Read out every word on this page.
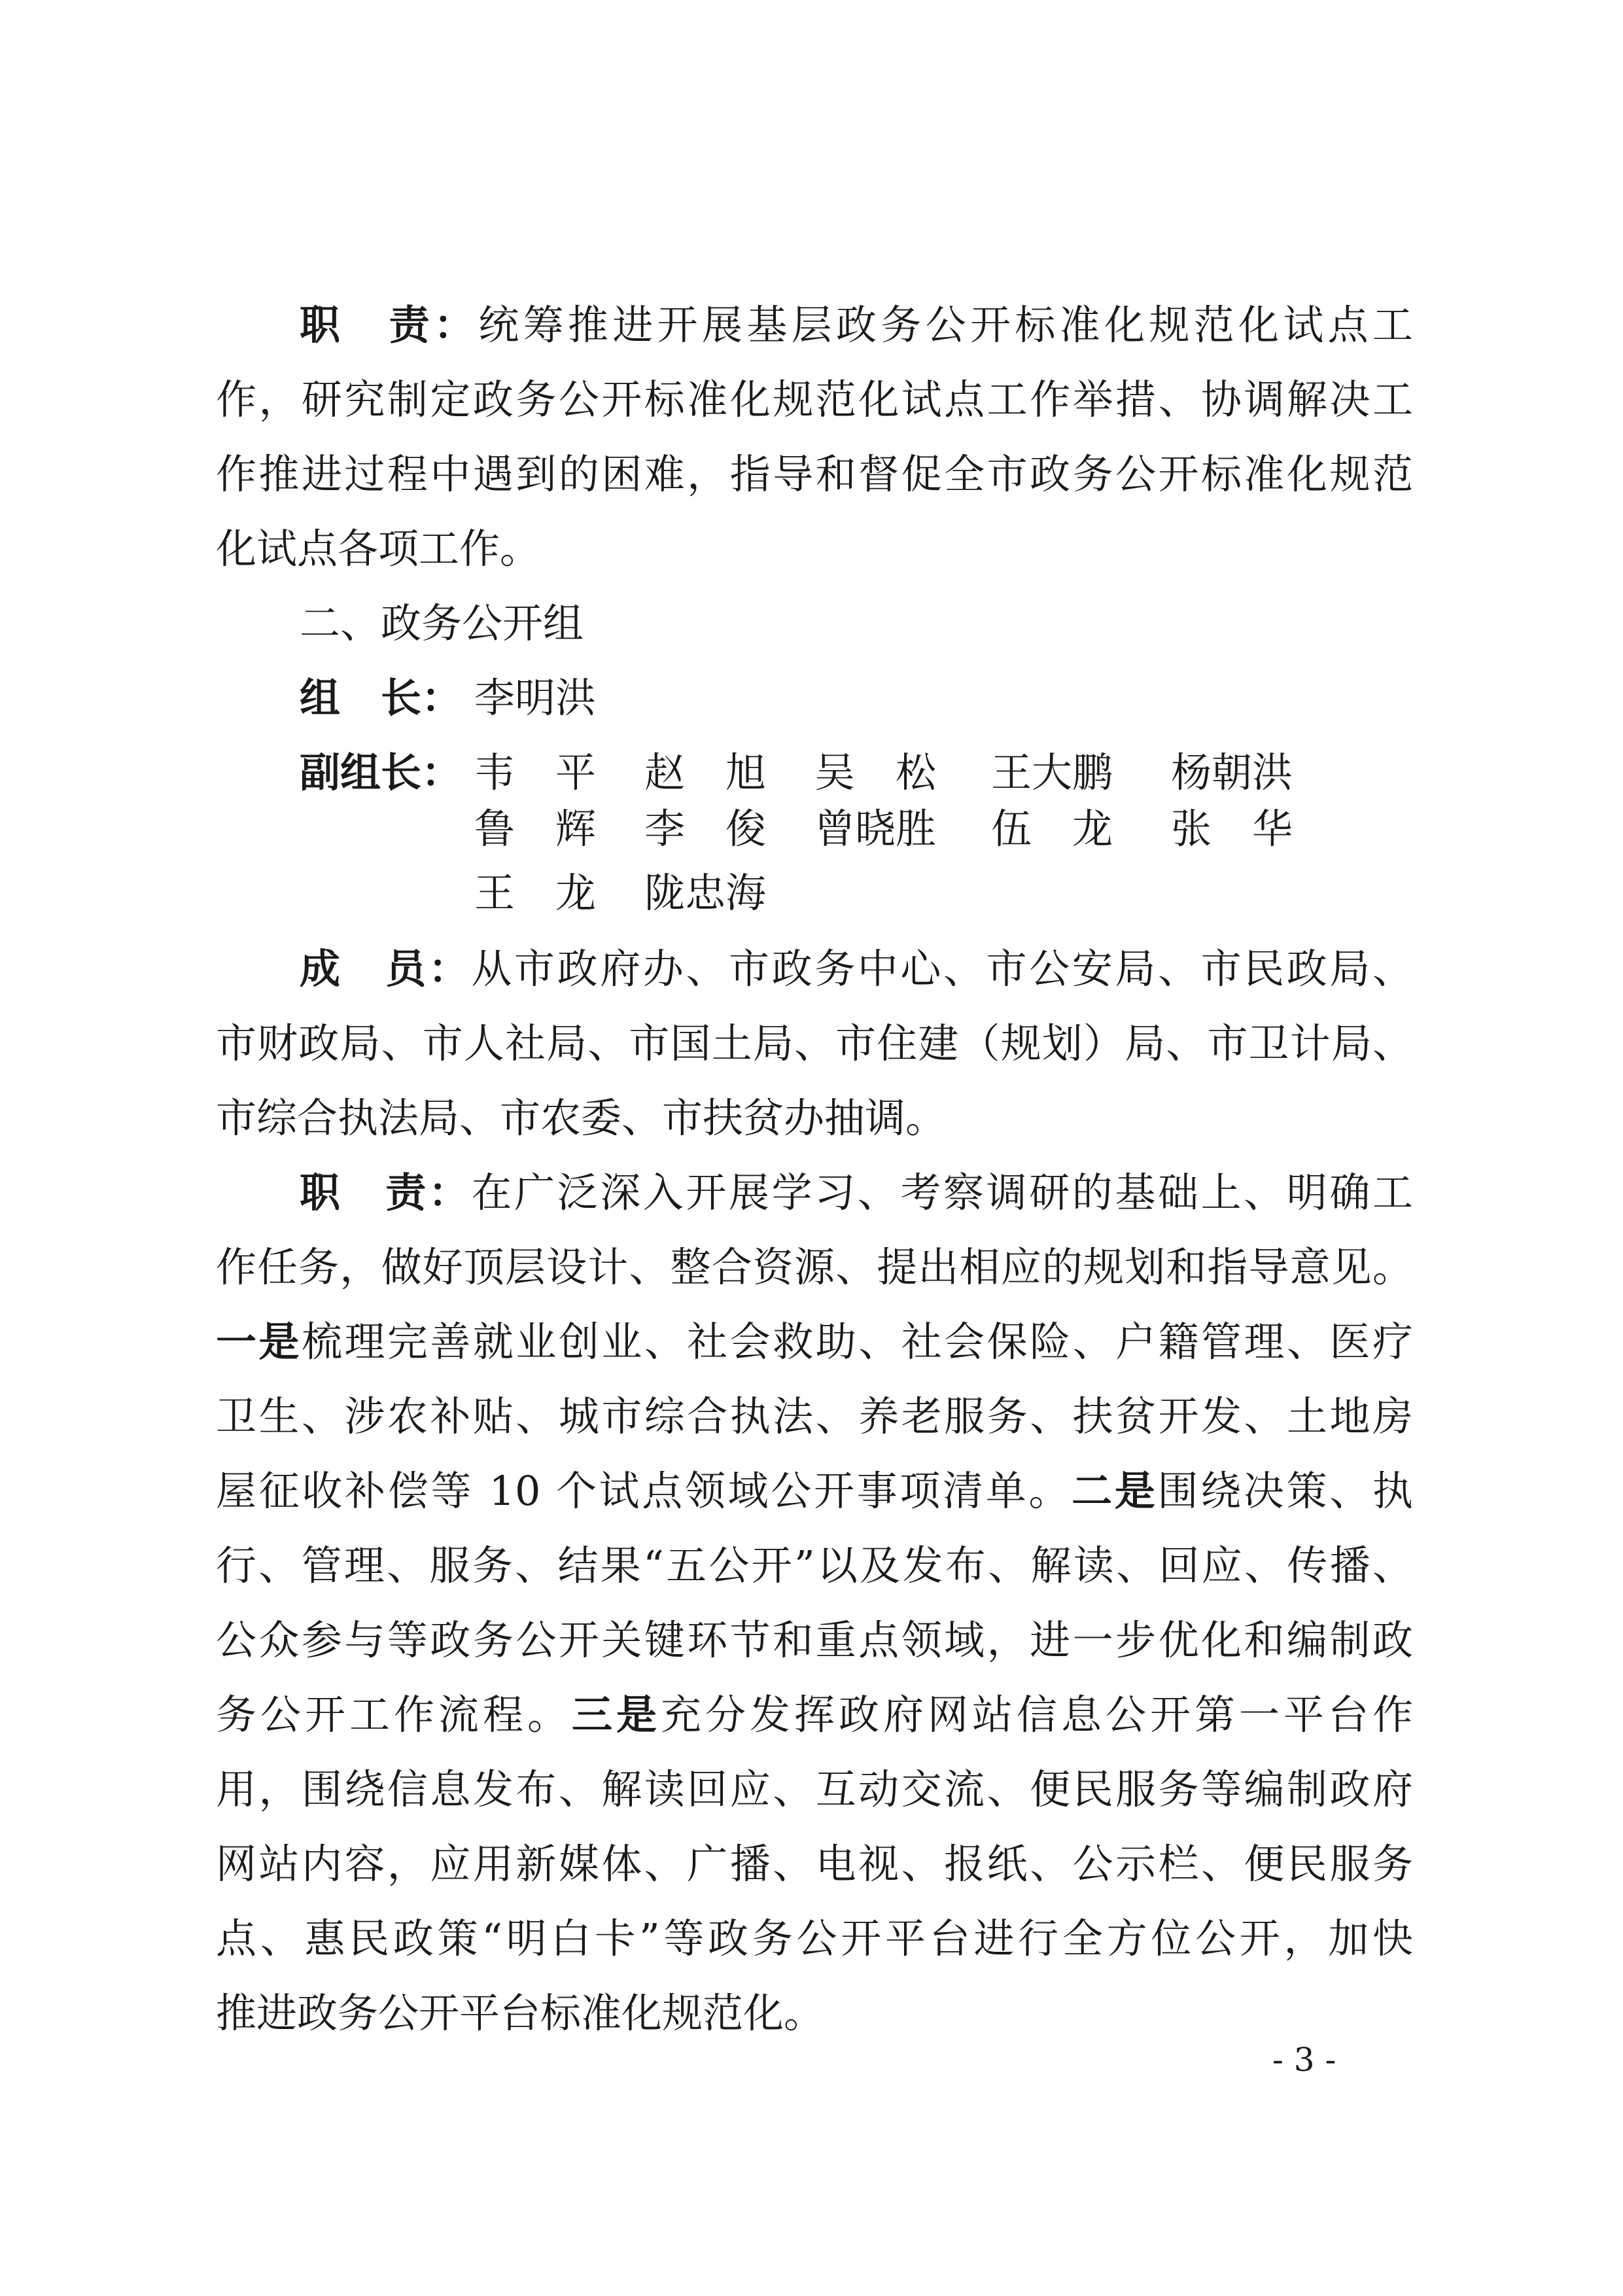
职　责：统筹推进开展基层政务公开标准化规范化试点工
作，研究制定政务公开标准化规范化试点工作举措、协调解决工
作推进过程中遇到的困难，指导和督促全市政务公开标准化规范
化试点各项工作。
二、政务公开组
组　长： 李明洪
副组长： 韦　平 赵　旭 吴　松 王大鹏 杨朝洪
鲁　辉 李　俊 曾晓胜 伍　龙 张　华
王　龙 陇忠海
成　员：从市政府办、市政务中心、市公安局、市民政局、
市财政局、市人社局、市国土局、市住建（规划）局、市卫计局、
市综合执法局、市农委、市扶贫办抽调。
职　责：在广泛深入开展学习、考察调研的基础上、明确工
作任务，做好顶层设计、整合资源、提出相应的规划和指导意见。
一是梳理完善就业创业、社会救助、社会保险、户籍管理、医疗
卫生、涉农补贴、城市综合执法、养老服务、扶贫开发、土地房
屋征收补偿等 10 个试点领域公开事项清单。二是围绕决策、执
行、管理、服务、结果“五公开”以及发布、解读、回应、传播、
公众参与等政务公开关键环节和重点领域，进一步优化和编制政
务公开工作流程。三是充分发挥政府网站信息公开第一平台作
用，围绕信息发布、解读回应、互动交流、便民服务等编制政府
网站内容，应用新媒体、广播、电视、报纸、公示栏、便民服务
点、惠民政策“明白卡”等政务公开平台进行全方位公开，加快
推进政务公开平台标准化规范化。
- 3 -
